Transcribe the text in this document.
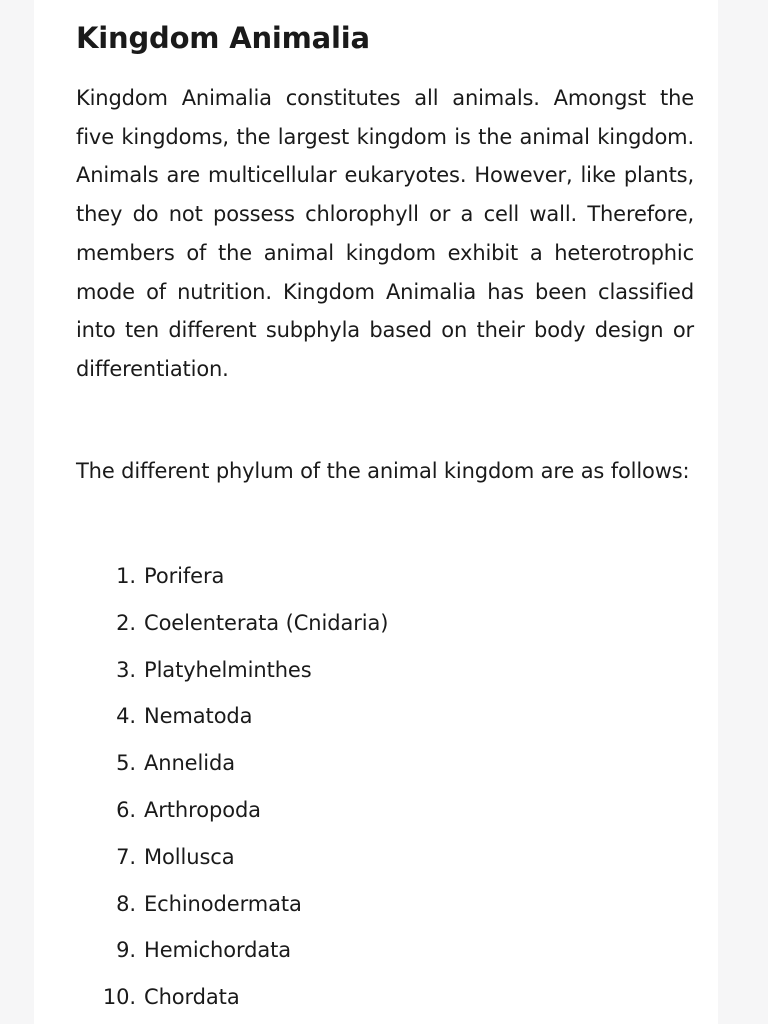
Kingdom Animalia

Kingdom Animalia constitutes all animals. Amongst the five kingdoms, the largest kingdom is the animal kingdom. Animals are multicellular eukaryotes. However, like plants, they do not possess chlorophyll or a cell wall. Therefore, members of the animal kingdom exhibit a heterotrophic mode of nutrition. Kingdom Animalia has been classified into ten different subphyla based on their body design or differentiation.

The different phylum of the animal kingdom are as follows:

1. Porifera
2. Coelenterata (Cnidaria)
3. Platyhelminthes
4. Nematoda
5. Annelida
6. Arthropoda
7. Mollusca
8. Echinodermata
9. Hemichordata
10. Chordata
